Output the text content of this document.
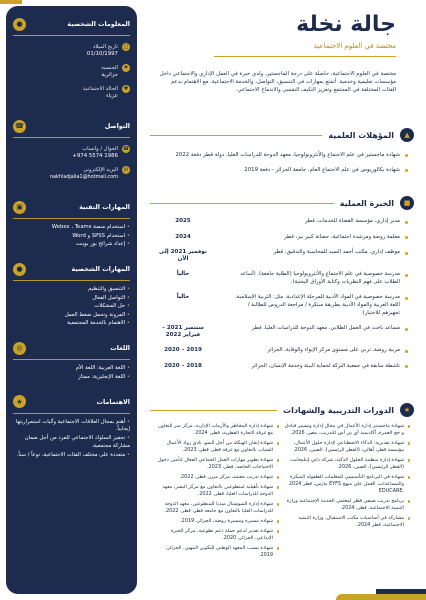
المعلومات الشخصية
●
□
تاريخ الميلاد
01/10/1997
⚑
الجنسية
جزائرية
♥
الحالة الاجتماعية
عزباء
التواصل
☎
☎
الجوال / واتساب
+974 5574 1986
✉
البريد الإلكتروني
nakhladjalla1@hotmail.com
المهارات التقنية
▣
• استخدام منصة Webex ، Teams
• استخدام SPSS و Word
• إعداد شرائح بور بوينت
المهارات الشخصية
●
• التنسيق والتنظيم
• التواصل الفعال
• حل المشكلات
• المرونة وتحمل ضغط العمل
• الاهتمام بالخدمة المجتمعية
اللغات
◎
• اللغة العربية: اللغة الأم
• اللغة الإنجليزية: ممتاز
الاهتمامات
★
• أهتم بمجال العلاقات الاجتماعية وآليات استمراريتها إيجابياً.
• تحفيز السلوك الاجتماعي للفرد من أجل ضمان مشاركة مجتمعية.
• متعددة على مختلف الفئات الاجتماعية، نوعاً / سناً.
جالة نخلة
مختصة في العلوم الاجتماعية

مختصة في العلوم الاجتماعية، حاصلة على درجة الماجستير، ولدي خبرة في العمل الإداري والاجتماعي داخل مؤسسات تعليمية وخدمية. أتمتع بمهارات في التنسيق، التواصل، والخدمة الاجتماعية، مع الاهتمام بدعم الفئات المختلفة في المجتمع وتعزيز التكيف النفسي والاندماج الاجتماعي.

▲
المؤهلات العلمية
شهادة ماجستير في علم الاجتماع والأنثروبولوجيا، معهد الدوحة للدراسات العليا، دولة قطر دفعة 2022
شهادة بكالوريوس في علم الاجتماع العام، جامعة الجزائر - دفعة 2019
■
الخبرة العملية
مدير إداري، مؤسسة القضاة للخدمات، قطر
2025
معلمة روضة ومرشدة اجتماعية، حضانة كبير بير، قطر
2024
موظف إداري، مكتب أحمد السيد للمحاسبة والتدقيق، قطر
نوفمبر 2021 إلى الآن
مدرسة خصوصية في علم الاجتماع والأنثروبولوجيا (الطلبة جامعة). (أساعد الطلاب على فهم النظريات وكتابة الأوراق البحثية).
حالياً
مدرسة خصوصية في المواد الأدبية للمرحلة الإعدادية، مثل: التربية الإسلامية، اللغة العربية والمواد الأدبية بطريقة مبتكرة / مراجعة الدروس للطالبة / تجهيزهم للاختبار).
حالياً
مساعد باحث في العمل الطلابي، معهد الدوحة للدراسات العليا، قطر
سبتمبر 2021 – فبراير 2022
مربية روضة، تربي على مستوى مركز الإيواء والوقاية، الجزائر
2019 – 2020
ناشطة سابقة في جمعية البركة لحماية البيئة وخدمة الإنسان، الجزائر
2018 – 2020
★
الدورات التدريبية والشهادات
شهادة ماجستير إدارة الأعمال في مجال إدارة وتسيير فنادق و حج العمرة، أكاديمية أي بي أس للتدريب، مصر، 2026.
شهادة تقديرية: الذكاء الاصطناعي لإدارة حلول الأعمال، مؤسسة قطر، أهالي، (القطر الرئيسي)، الصين، 2026.
شهادة إدارة منظمة الحلول الذكية، شركة ذاتي إنتليجانت، (القطر الرئيسي)، الصين، 2026.
شهادة في البرنامج التأسيسي للمعلمات للطفولة المبكرة والمساعدات، العمل على منهج EYFS مارس، قطر 2024 .EDUCARE
برنامج تدريب صيفي قطر لمعلمي الخدمة الإجتماعية وزارة التنمية الاجتماعية، قطر، 2024.
مشاركة في أساسيات مكتب الاستقبال، وزارة التنمية الاجتماعية، قطر 2024.
شهادة إدارة المخاطر والأزمات الإدارية، مركز سر للتعاون مع غرفة التجارة القطرية، قطر، 2024.
شهادة إتقان الهيكلة من أجل النمو، نادي رواد الأعمال الشباب بالتعاون مع غرفة قطر، قطر، 2023.
شهادة تطوير مهارات العمل الجماعي الفعال لتأمين دخول الاحتياجات الخاصة، قطر، 2023.
شهادة تدريب معتمد، مركز ميزر، قطر، 2022.
شهادة تأهيلية لمتطوعين بالتعاون مع مركز البشر، معهد الدوحة للدراسات العليا، قطر، 2022.
شهادة إدارة السوشيال ميديا للمتطوعين، معهد الدوحة للدراسات العليا بالتعاون مع جامعة قطر، قطر، 2022.
شهادة مسيرة ومسيرة روضة، الجزائر، 2019.
شهادة تقدير لدعم حملة دعم تطوعية، مركز الخبرة الإبداعي، الجزائر، 2020.
شهادة بسبب المعهد الوطني للتكوين المهني، الجزائر، 2019.
